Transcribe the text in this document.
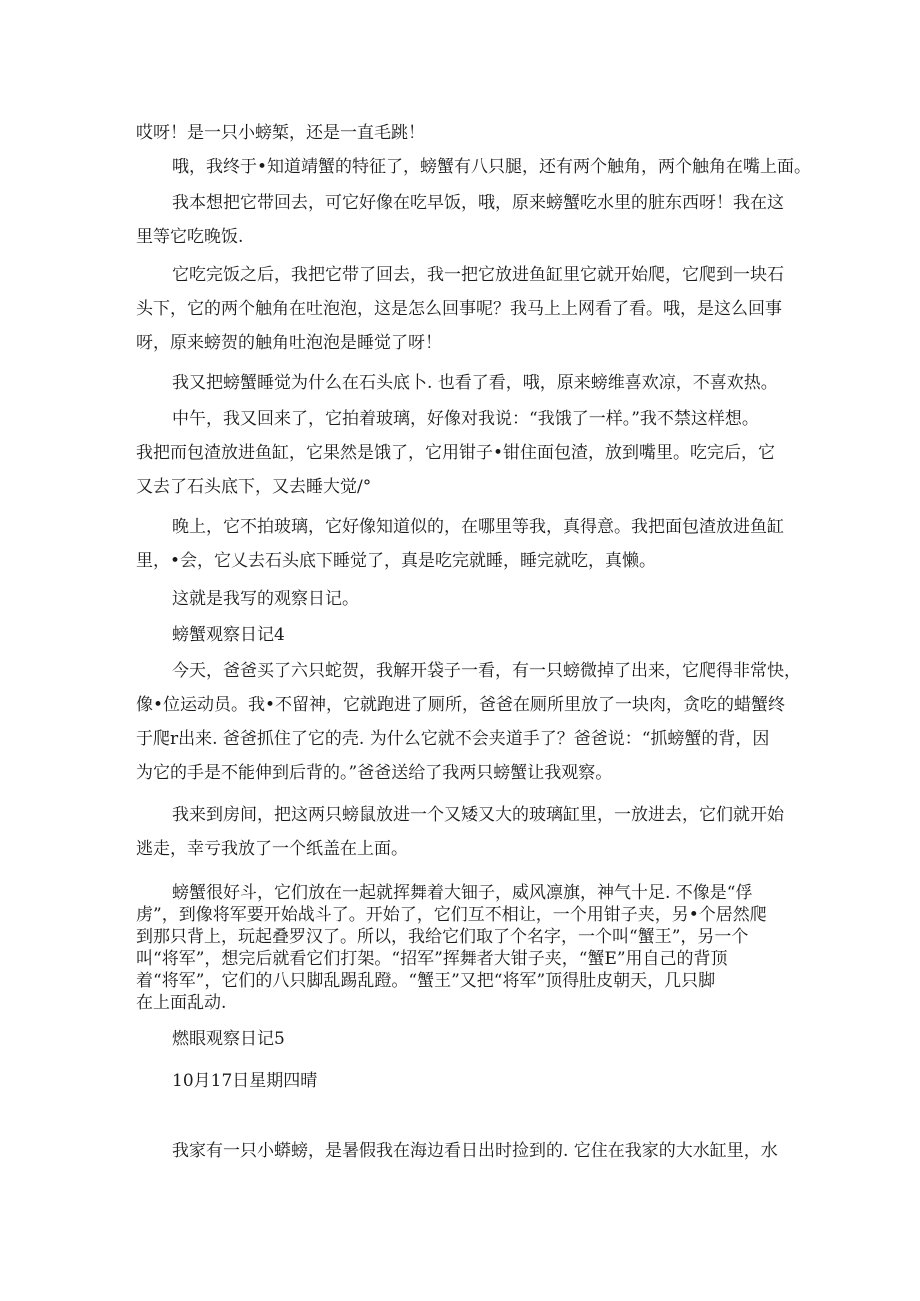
哎呀！是一只小螃椠，还是一直毛跳！
哦，我终于•知道靖蟹的特征了，螃蟹有八只腿，还有两个触角，两个触角在嘴上面。
我本想把它带回去，可它好像在吃早饭，哦，原来螃蟹吃水里的脏东西呀！我在这
里等它吃晚饭.
它吃完饭之后，我把它带了回去，我一把它放进鱼缸里它就开始爬，它爬到一块石
头下，它的两个触角在吐泡泡，这是怎么回事呢？我马上上网看了看。哦，是这么回事
呀，原来螃贺的触角吐泡泡是睡觉了呀！
我又把螃蟹睡觉为什么在石头底卜. 也看了看，哦，原来螃维喜欢凉，不喜欢热。
中午，我又回来了，它拍着玻璃，好像对我说：“我饿了一样。”我不禁这样想。
我把而包渣放进鱼缸，它果然是饿了，它用钳子•钳住面包渣，放到嘴里。吃完后，它
又去了石头底下，又去睡大觉/°
晚上，它不拍玻璃，它好像知道似的，在哪里等我，真得意。我把面包渣放进鱼缸
里，•会，它乂去石头底下睡觉了，真是吃完就睡，睡完就吃，真懒。
这就是我写的观察日记。
螃蟹观察日记4
今天，爸爸买了六只蛇贺，我解开袋子一看，有一只螃微掉了出来，它爬得非常快，
像•位运动员。我•不留神，它就跑进了厕所，爸爸在厕所里放了一块肉，贪吃的蜡蟹终
于爬r出来. 爸爸抓住了它的壳. 为什么它就不会夹道手了？爸爸说：“抓螃蟹的背，因
为它的手是不能伸到后背的。”爸爸送给了我两只螃蟹让我观察。
我来到房间，把这两只螃鼠放进一个又矮又大的玻璃缸里，一放进去，它们就开始
逃走，幸亏我放了一个纸盖在上面。
螃蟹很好斗，它们放在一起就挥舞着大钿子，威风凛旗，神气十足. 不像是“俘
虏”，到像将军要开始战斗了。开始了，它们互不相让，一个用钳子夹，另•个居然爬
到那只背上，玩起叠罗汉了。所以，我给它们取了个名字，一个叫“蟹王”，另一个
叫“将军”，想完后就看它们打架。“招军”挥舞者大钳子夹，“蟹E”用自己的背顶
着“将军”，它们的八只脚乱踢乱蹬。“蟹王”又把“将军”顶得肚皮朝天，几只脚
在上面乱动.
燃眼观察日记5
10月17日星期四晴
我家有一只小蟒螃，是暑假我在海边看日出时捡到的. 它住在我家的大水缸里，水
